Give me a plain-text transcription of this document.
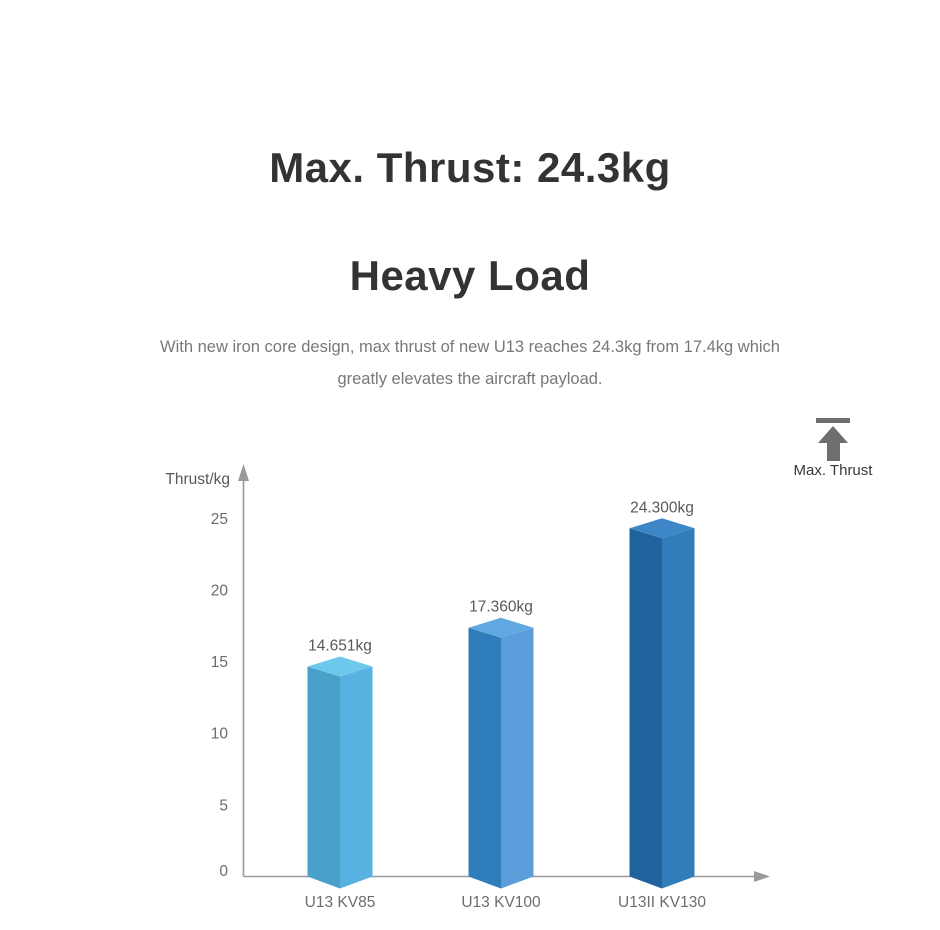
Max. Thrust: 24.3kg
Heavy Load
With new iron core design, max thrust of new U13 reaches 24.3kg from 17.4kg which
greatly elevates the aircraft payload.
Max. Thrust
Thrust/kg
0
5
10
15
20
25
14.651kg
U13 KV85
17.360kg
U13 KV100
24.300kg
U13II KV130
